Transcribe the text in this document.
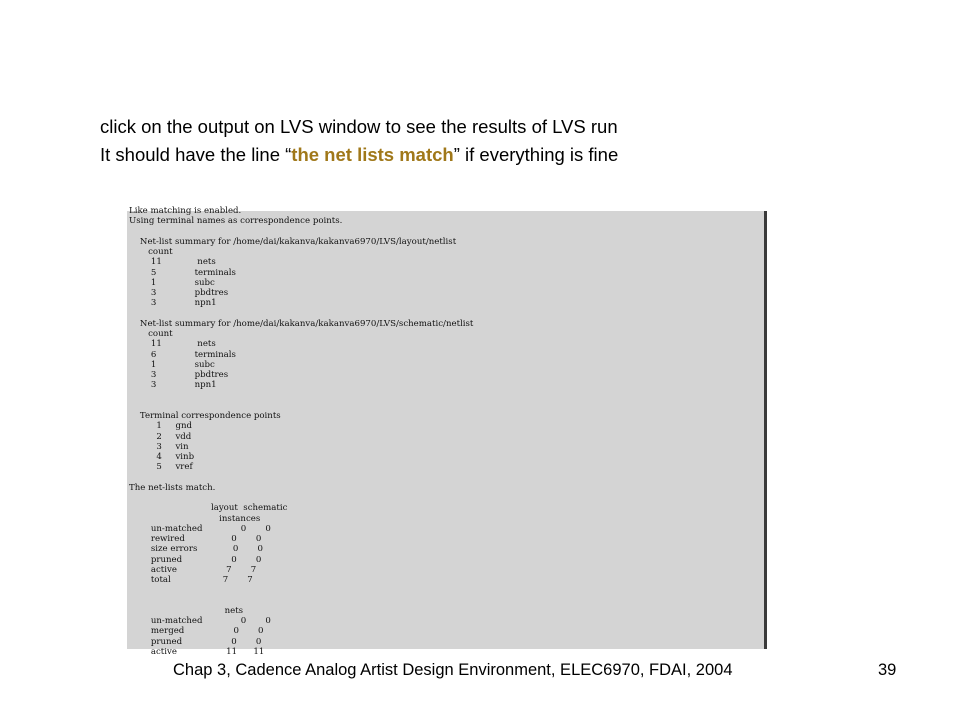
click on the output on LVS window to see the results of LVS run
It should have the line “the net lists match” if everything is fine
Like matching is enabled.
Using terminal names as correspondence points.

Net-list summary for /home/dai/kakanva/kakanva6970/LVS/layout/netlist
count
11             nets
5              terminals
1              subc
3              pbdtres
3              npn1

Net-list summary for /home/dai/kakanva/kakanva6970/LVS/schematic/netlist
count
11             nets
6              terminals
1              subc
3              pbdtres
3              npn1

Terminal correspondence points
1     gnd
2     vdd
3     vin
4     vinb
5     vref

The net-lists match.

layout  schematic
instances
un-matched              0       0
rewired                 0       0
size errors             0       0
pruned                  0       0
active                  7       7
total                   7       7

nets
un-matched              0       0
merged                  0       0
pruned                  0       0
active                  11      11
Chap 3, Cadence Analog Artist Design Environment, ELEC6970, FDAI, 2004	39
